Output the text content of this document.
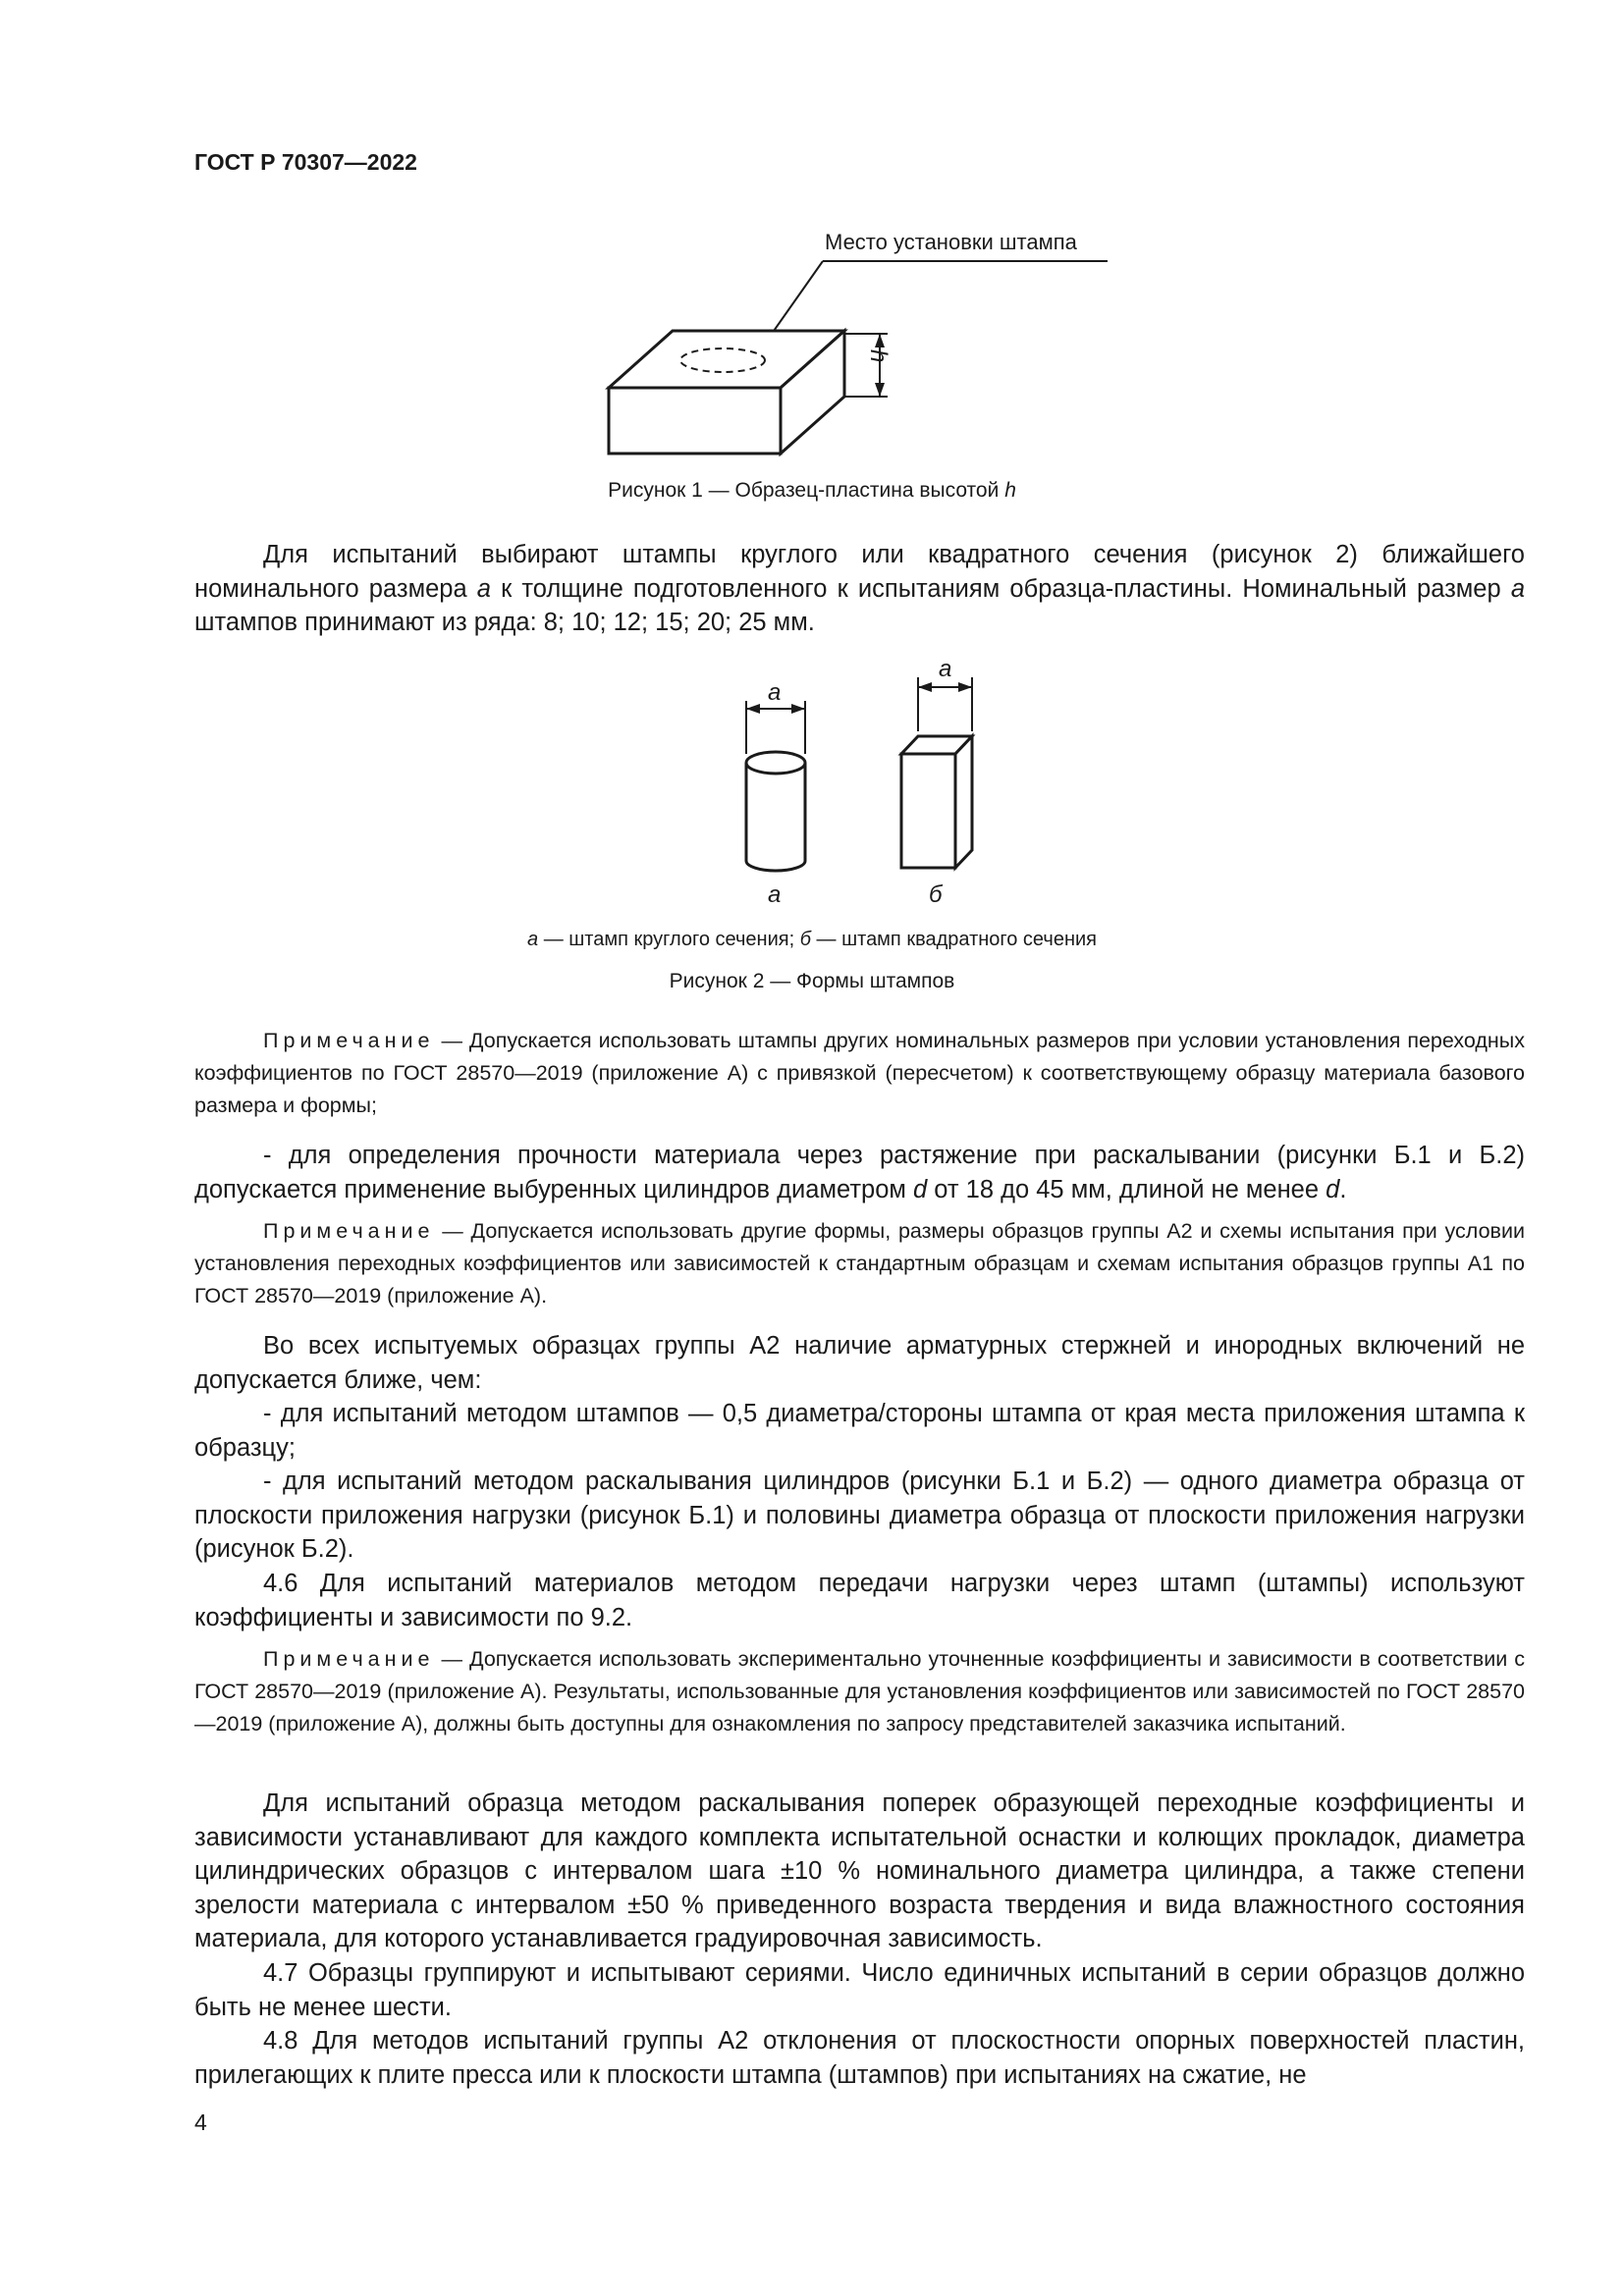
ГОСТ Р 70307—2022
Место установки штампа
h
Рисунок 1 — Образец-пластина высотой h
Для испытаний выбирают штампы круглого или квадратного сечения (рисунок 2) ближайшего номинального размера a к толщине подготовленного к испытаниям образца-пластины. Номинальный размер a штампов принимают из ряда: 8; 10; 12; 15; 20; 25 мм.
a
a
а	б
а — штамп круглого сечения; б — штамп квадратного сечения
Рисунок 2 — Формы штампов
Примечание — Допускается использовать штампы других номинальных размеров при условии установления переходных коэффициентов по ГОСТ 28570—2019 (приложение А) с привязкой (пересчетом) к соответствующему образцу материала базового размера и формы;
- для определения прочности материала через растяжение при раскалывании (рисунки Б.1 и Б.2) допускается применение выбуренных цилиндров диаметром d от 18 до 45 мм, длиной не менее d.
Примечание — Допускается использовать другие формы, размеры образцов группы А2 и схемы испытания при условии установления переходных коэффициентов или зависимостей к стандартным образцам и схемам испытания образцов группы А1 по ГОСТ 28570—2019 (приложение А).
Во всех испытуемых образцах группы А2 наличие арматурных стержней и инородных включений не допускается ближе, чем:
- для испытаний методом штампов — 0,5 диаметра/стороны штампа от края места приложения штампа к образцу;
- для испытаний методом раскалывания цилиндров (рисунки Б.1 и Б.2) — одного диаметра образца от плоскости приложения нагрузки (рисунок Б.1) и половины диаметра образца от плоскости приложения нагрузки (рисунок Б.2).
4.6 Для испытаний материалов методом передачи нагрузки через штамп (штампы) используют коэффициенты и зависимости по 9.2.
Примечание — Допускается использовать экспериментально уточненные коэффициенты и зависимости в соответствии с ГОСТ 28570—2019 (приложение А). Результаты, использованные для установления коэффициентов или зависимостей по ГОСТ 28570—2019 (приложение А), должны быть доступны для ознакомления по запросу представителей заказчика испытаний.
Для испытаний образца методом раскалывания поперек образующей переходные коэффициенты и зависимости устанавливают для каждого комплекта испытательной оснастки и колющих прокладок, диаметра цилиндрических образцов с интервалом шага ±10 % номинального диаметра цилиндра, а также степени зрелости материала с интервалом ±50 % приведенного возраста твердения и вида влажностного состояния материала, для которого устанавливается градуировочная зависимость.
4.7 Образцы группируют и испытывают сериями. Число единичных испытаний в серии образцов должно быть не менее шести.
4.8 Для методов испытаний группы А2 отклонения от плоскостности опорных поверхностей пластин, прилегающих к плите пресса или к плоскости штампа (штампов) при испытаниях на сжатие, не
4
